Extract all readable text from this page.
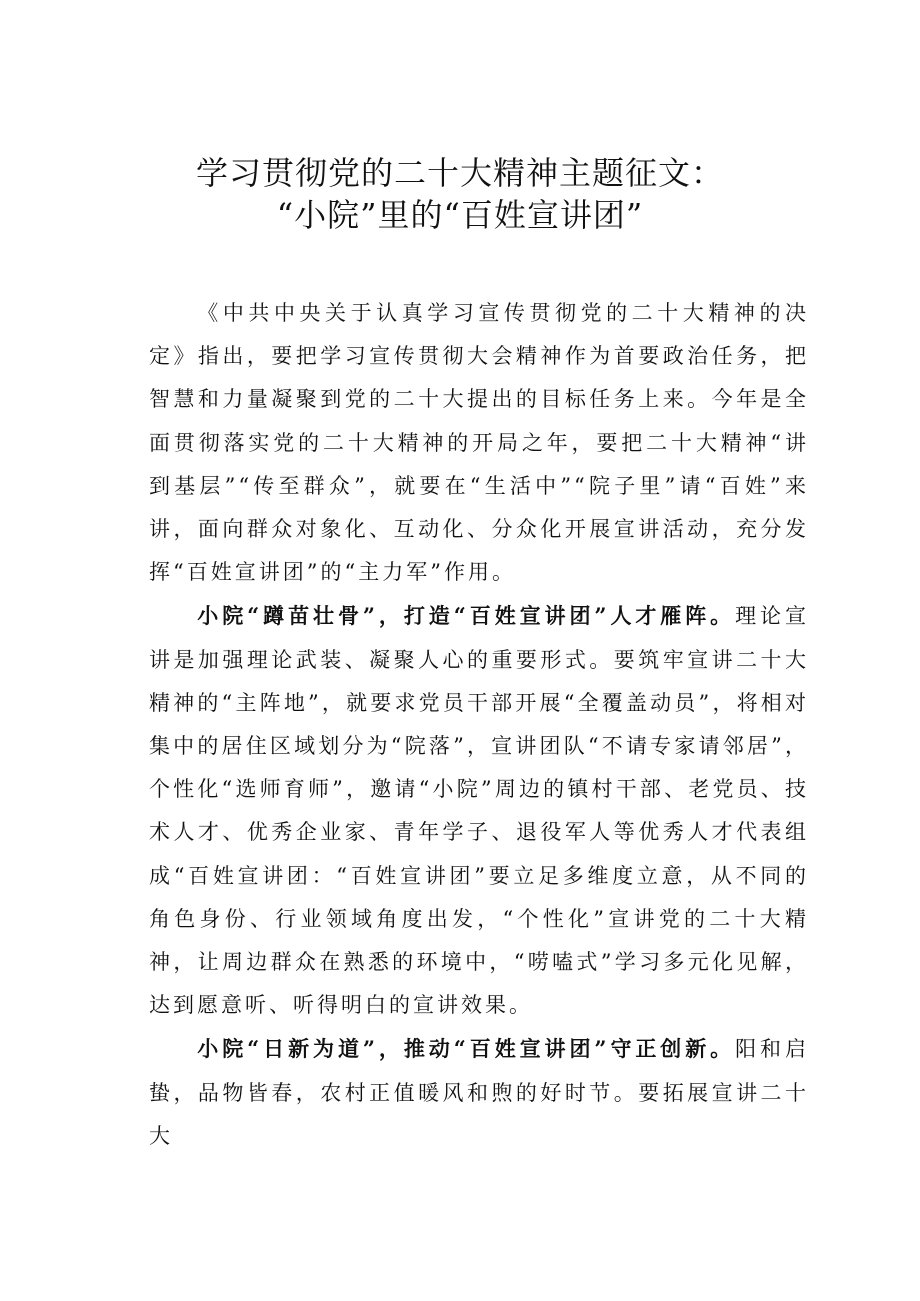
学习贯彻党的二十大精神主题征文：
“小院”里的“百姓宣讲团”

《中共中央关于认真学习宣传贯彻党的二十大精神的决定》指出，要把学习宣传贯彻大会精神作为首要政治任务，把智慧和力量凝聚到党的二十大提出的目标任务上来。今年是全面贯彻落实党的二十大精神的开局之年，要把二十大精神“讲到基层”“传至群众”，就要在“生活中”“院子里”请“百姓”来讲，面向群众对象化、互动化、分众化开展宣讲活动，充分发挥“百姓宣讲团”的“主力军”作用。

小院“蹲苗壮骨”，打造“百姓宣讲团”人才雁阵。理论宣讲是加强理论武装、凝聚人心的重要形式。要筑牢宣讲二十大精神的“主阵地”，就要求党员干部开展“全覆盖动员”，将相对集中的居住区域划分为“院落”，宣讲团队“不请专家请邻居”，个性化“选师育师”，邀请“小院”周边的镇村干部、老党员、技术人才、优秀企业家、青年学子、退役军人等优秀人才代表组成“百姓宣讲团：“百姓宣讲团”要立足多维度立意，从不同的角色身份、行业领域角度出发，“个性化”宣讲党的二十大精神，让周边群众在熟悉的环境中，“唠嗑式”学习多元化见解，达到愿意听、听得明白的宣讲效果。

小院“日新为道”，推动“百姓宣讲团”守正创新。阳和启蛰，品物皆春，农村正值暖风和煦的好时节。要拓展宣讲二十大
